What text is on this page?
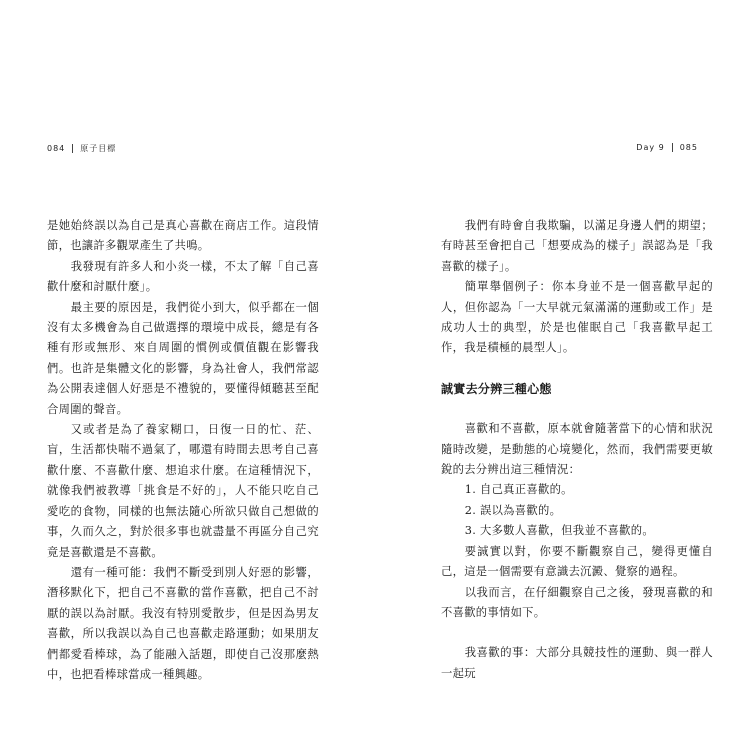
084 原子目標

是她始終誤以為自己是真心喜歡在商店工作。這段情節，也讓許多觀眾產生了共鳴。

我發現有許多人和小炎一樣，不太了解「自己喜歡什麼和討厭什麼」。

最主要的原因是，我們從小到大，似乎都在一個沒有太多機會為自己做選擇的環境中成長，總是有各種有形或無形、來自周圍的慣例或價值觀在影響我們。也許是集體文化的影響，身為社會人，我們常認為公開表達個人好惡是不禮貌的，要懂得傾聽甚至配合周圍的聲音。

又或者是為了養家糊口，日復一日的忙、茫、盲，生活都快喘不過氣了，哪還有時間去思考自己喜歡什麼、不喜歡什麼、想追求什麼。在這種情況下，就像我們被教導「挑食是不好的」，人不能只吃自己愛吃的食物，同樣的也無法隨心所欲只做自己想做的事，久而久之，對於很多事也就盡量不再區分自己究竟是喜歡還是不喜歡。

還有一種可能：我們不斷受到別人好惡的影響，潛移默化下，把自己不喜歡的當作喜歡，把自己不討厭的誤以為討厭。我沒有特別愛散步，但是因為男友喜歡，所以我誤以為自己也喜歡走路運動；如果朋友們都愛看棒球，為了能融入話題，即使自己沒那麼熱中，也把看棒球當成一種興趣。

Day 9 085

我們有時會自我欺騙，以滿足身邊人們的期望；有時甚至會把自己「想要成為的樣子」誤認為是「我喜歡的樣子」。

簡單舉個例子：你本身並不是一個喜歡早起的人，但你認為「一大早就元氣滿滿的運動或工作」是成功人士的典型，於是也催眠自己「我喜歡早起工作，我是積極的晨型人」。

誠實去分辨三種心態

喜歡和不喜歡，原本就會隨著當下的心情和狀況隨時改變，是動態的心境變化，然而，我們需要更敏銳的去分辨出這三種情況：

1. 自己真正喜歡的。

2. 誤以為喜歡的。

3. 大多數人喜歡，但我並不喜歡的。

要誠實以對，你要不斷觀察自己，變得更懂自己，這是一個需要有意識去沉澱、覺察的過程。

以我而言，在仔細觀察自己之後，發現喜歡的和不喜歡的事情如下。

我喜歡的事：大部分具競技性的運動、與一群人一起玩
